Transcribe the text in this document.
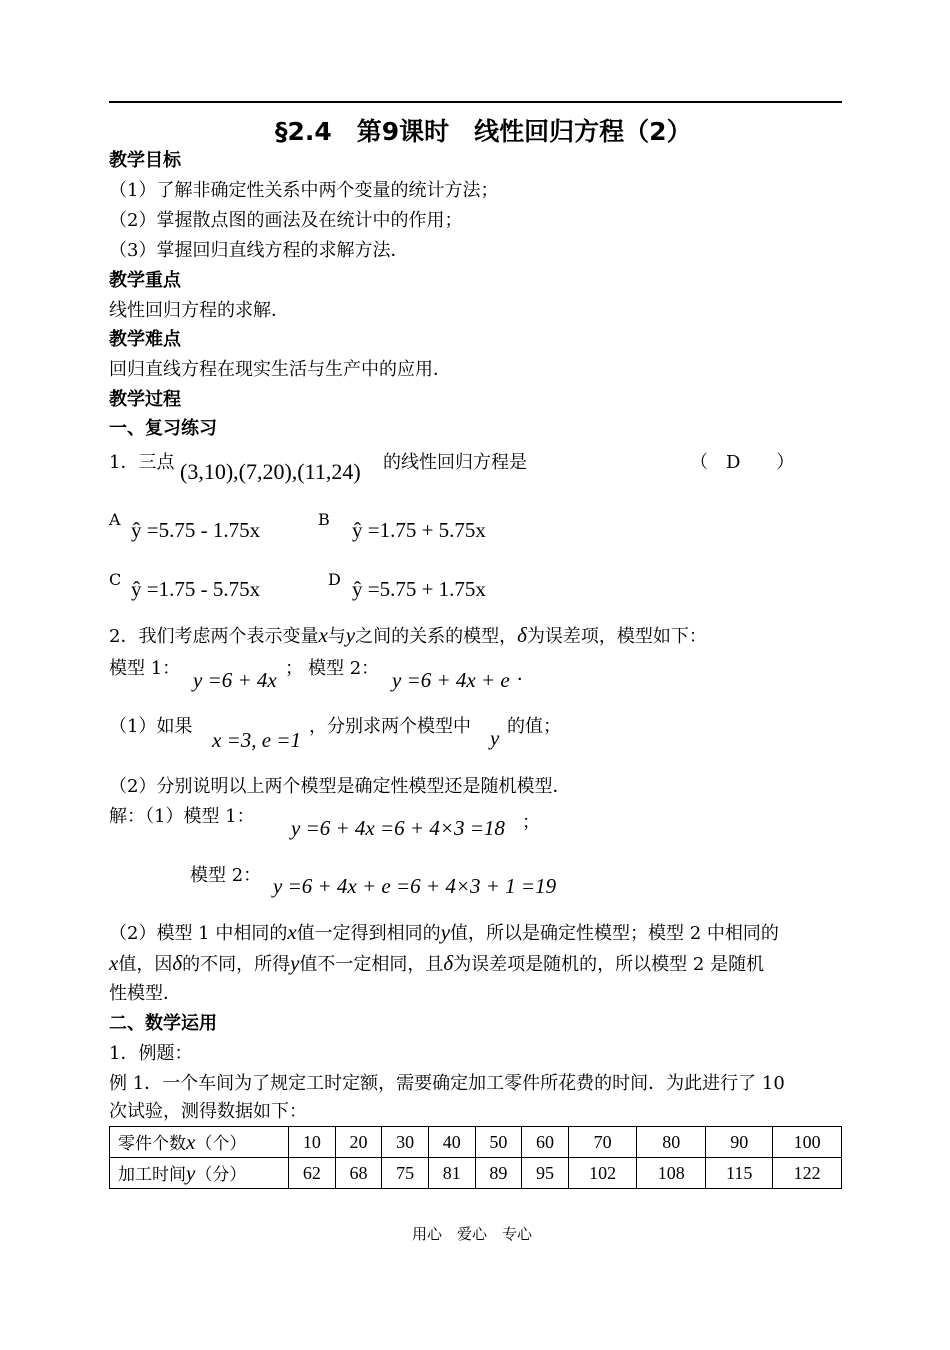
§2.4　第9课时　线性回归方程（2）
教学目标
（1）了解非确定性关系中两个变量的统计方法；
（2）掌握散点图的画法及在统计中的作用；
（3）掌握回归直线方程的求解方法．
教学重点
线性回归方程的求解．
教学难点
回归直线方程在现实生活与生产中的应用．
教学过程
一、复习练习
1．三点 (3,10),(7,20),(11,24) 的线性回归方程是	（　D　　）
A ŷ =5.75 - 1.75x	B ŷ =1.75 + 5.75x
C ŷ =1.75 - 5.75x	D ŷ =5.75 + 1.75x
2．我们考虑两个表示变量x与y之间的关系的模型，δ为误差项，模型如下：
模型 1： y =6 + 4x ； 模型 2： y =6 + 4x + e ．
（1）如果
x =3, e =1
，分别求两个模型中 y 的值；
（2）分别说明以上两个模型是确定性模型还是随机模型．
解：（1）模型 1： y =6 + 4x =6 + 4×3 =18 ；
模型 2： y =6 + 4x + e =6 + 4×3 + 1 =19
（2）模型 1 中相同的x值一定得到相同的y值，所以是确定性模型；模型 2 中相同的
x值，因δ的不同，所得y值不一定相同，且δ为误差项是随机的，所以模型 2 是随机
性模型．
二、数学运用
1．例题：
例 1．一个车间为了规定工时定额，需要确定加工零件所花费的时间．为此进行了 10
次试验，测得数据如下：
零件个数x（个）	10	20	30	40	50	60	70	80	90	100
加工时间y（分）	62	68	75	81	89	95	102	108	115	122
用心　爱心　专心
